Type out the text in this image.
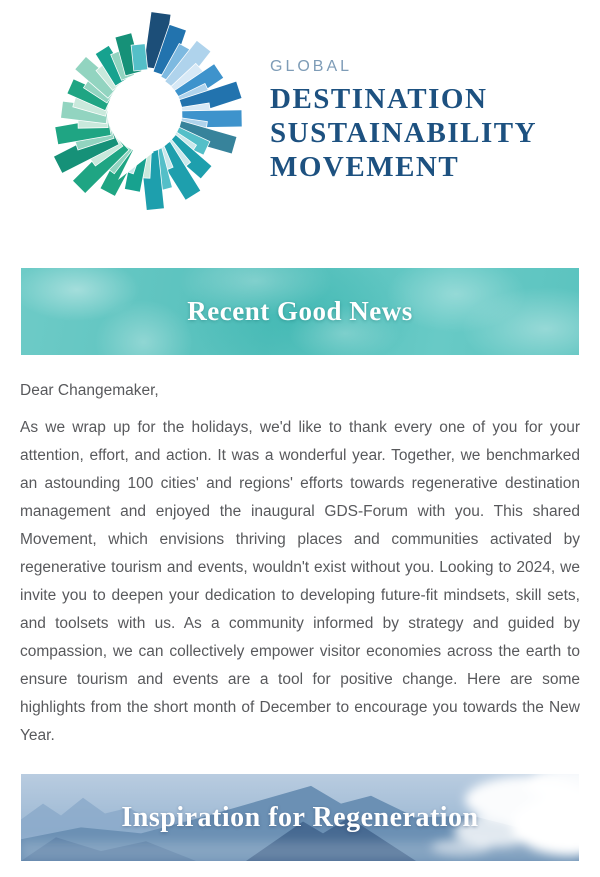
GLOBAL
DESTINATION
SUSTAINABILITY
MOVEMENT
Recent Good News

Dear Changemaker,

As we wrap up for the holidays, we'd like to thank every one of you for your attention, effort, and action. It was a wonderful year. Together, we benchmarked an astounding 100 cities' and regions' efforts towards regenerative destination management and enjoyed the inaugural GDS-Forum with you. This shared Movement, which envisions thriving places and communities activated by regenerative tourism and events, wouldn't exist without you. Looking to 2024, we invite you to deepen your dedication to developing future-fit mindsets, skill sets, and toolsets with us. As a community informed by strategy and guided by compassion, we can collectively empower visitor economies across the earth to ensure tourism and events are a tool for positive change. Here are some highlights from the short month of December to encourage you towards the New Year.

Inspiration for Regeneration
